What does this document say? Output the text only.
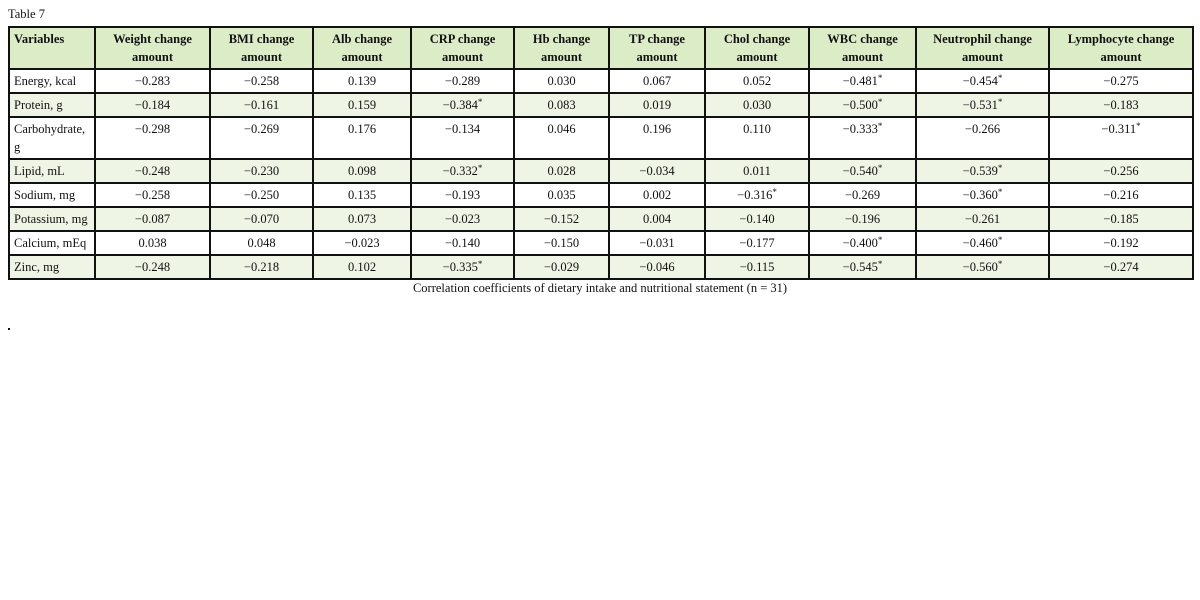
Table 7
Variables	Weight change amount	BMI change amount	Alb change amount	CRP change amount	Hb change amount	TP change amount	Chol change amount	WBC change amount	Neutrophil change amount	Lymphocyte change amount
Energy, kcal	−0.283	−0.258	0.139	−0.289	0.030	0.067	0.052	−0.481*	−0.454*	−0.275
Protein, g	−0.184	−0.161	0.159	−0.384*	0.083	0.019	0.030	−0.500*	−0.531*	−0.183
Carbohydrate, g	−0.298	−0.269	0.176	−0.134	0.046	0.196	0.110	−0.333*	−0.266	−0.311*
Lipid, mL	−0.248	−0.230	0.098	−0.332*	0.028	−0.034	0.011	−0.540*	−0.539*	−0.256
Sodium, mg	−0.258	−0.250	0.135	−0.193	0.035	0.002	−0.316*	−0.269	−0.360*	−0.216
Potassium, mg	−0.087	−0.070	0.073	−0.023	−0.152	0.004	−0.140	−0.196	−0.261	−0.185
Calcium, mEq	0.038	0.048	−0.023	−0.140	−0.150	−0.031	−0.177	−0.400*	−0.460*	−0.192
Zinc, mg	−0.248	−0.218	0.102	−0.335*	−0.029	−0.046	−0.115	−0.545*	−0.560*	−0.274
Correlation coefficients of dietary intake and nutritional statement (n = 31)
